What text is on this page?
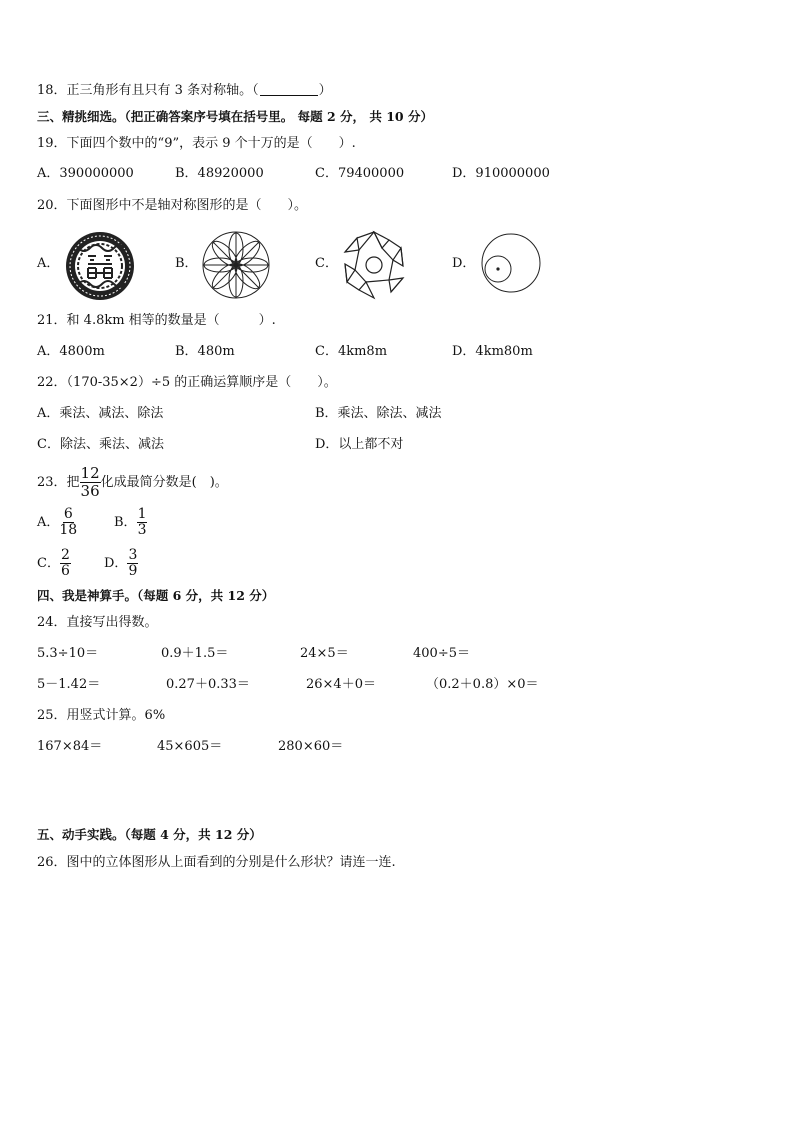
18．正三角形有且只有 3 条对称轴。（	）
三、精挑细选。（把正确答案序号填在括号里。 每题 2 分， 共 10 分）
19．下面四个数中的“9”，表示 9 个十万的是（　　）.
A．390000000	B．48920000	C．79400000	D．910000000
20．下面图形中不是轴对称图形的是（　　）。
A．	B．	C．	D．
21．和 4.8km 相等的数量是（　　　）.
A．4800m	B．480m	C．4km8m	D．4km80m
22．（170-35×2）÷5 的正确运算顺序是（　　）。
A．乘法、减法、除法	B．乘法、除法、减法
C．除法、乘法、减法	D．以上都不对
23．把 $\frac{12}{36}$ 化成最简分数是(　)。
A． $\frac{6}{18}$	B． $\frac{1}{3}$
C． $\frac{2}{6}$	D． $\frac{3}{9}$
四、我是神算手。（每题 6 分，共 12 分）
24．直接写出得数。
5.3÷10＝	0.9＋1.5＝	24×5＝	400÷5＝
5－1.42＝	0.27＋0.33＝	26×4＋0＝	（0.2＋0.8）×0＝
25．用竖式计算。6%
167×84＝	45×605＝	280×60＝
五、动手实践。（每题 4 分，共 12 分）
26．图中的立体图形从上面看到的分别是什么形状？请连一连.
